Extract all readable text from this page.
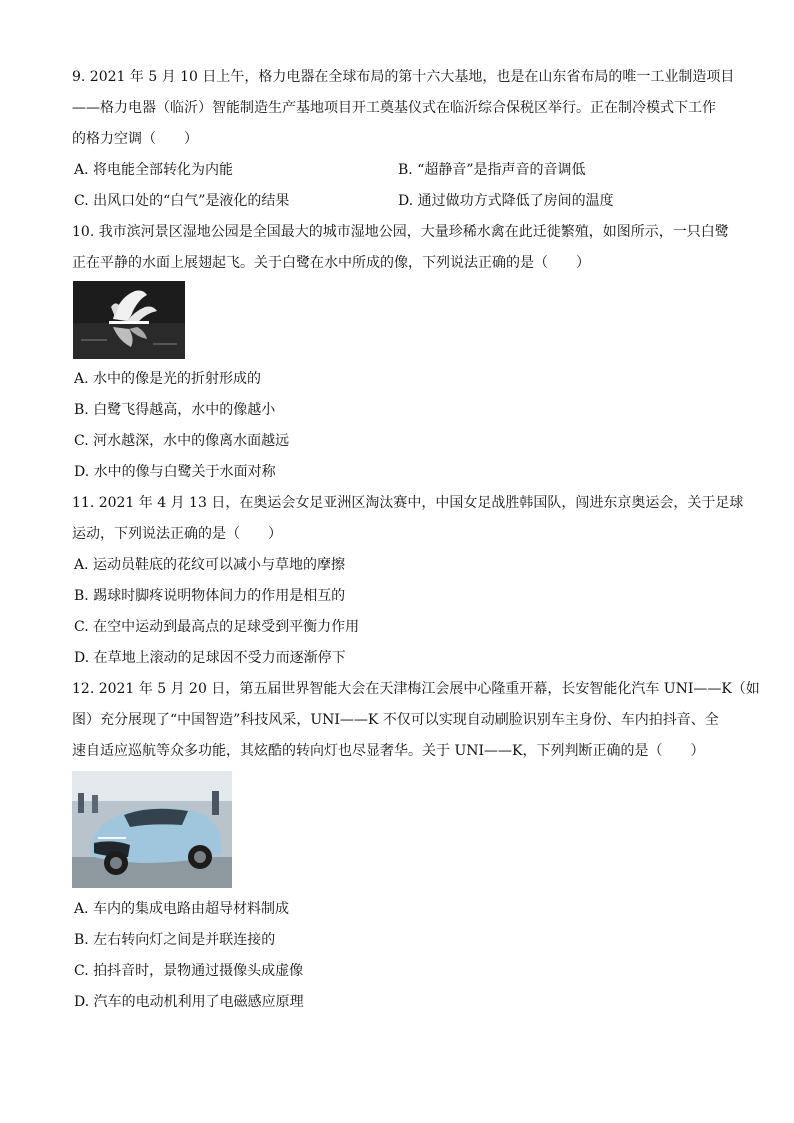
9. 2021 年 5 月 10 日上午，格力电器在全球布局的第十六大基地，也是在山东省布局的唯一工业制造项目
——格力电器（临沂）智能制造生产基地项目开工奠基仪式在临沂综合保税区举行。正在制冷模式下工作
的格力空调（　　）
A. 将电能全部转化为内能	B. “超静音”是指声音的音调低
C. 出风口处的“白气”是液化的结果	D. 通过做功方式降低了房间的温度
10. 我市滨河景区湿地公园是全国最大的城市湿地公园，大量珍稀水禽在此迁徙繁殖，如图所示，一只白鹭
正在平静的水面上展翅起飞。关于白鹭在水中所成的像，下列说法正确的是（　　）
A. 水中的像是光的折射形成的
B. 白鹭飞得越高，水中的像越小
C. 河水越深，水中的像离水面越远
D. 水中的像与白鹭关于水面对称
11. 2021 年 4 月 13 日，在奥运会女足亚洲区淘汰赛中，中国女足战胜韩国队，闯进东京奥运会，关于足球
运动，下列说法正确的是（　　）
A. 运动员鞋底的花纹可以减小与草地的摩擦
B. 踢球时脚疼说明物体间力的作用是相互的
C. 在空中运动到最高点的足球受到平衡力作用
D. 在草地上滚动的足球因不受力而逐渐停下
12. 2021 年 5 月 20 日，第五届世界智能大会在天津梅江会展中心隆重开幕，长安智能化汽车 UNI——K（如
图）充分展现了“中国智造”科技风采，UNI——K 不仅可以实现自动刷脸识别车主身份、车内拍抖音、全
速自适应巡航等众多功能，其炫酷的转向灯也尽显奢华。关于 UNI——K，下列判断正确的是（　　）
A. 车内的集成电路由超导材料制成
B. 左右转向灯之间是并联连接的
C. 拍抖音时，景物通过摄像头成虚像
D. 汽车的电动机利用了电磁感应原理
